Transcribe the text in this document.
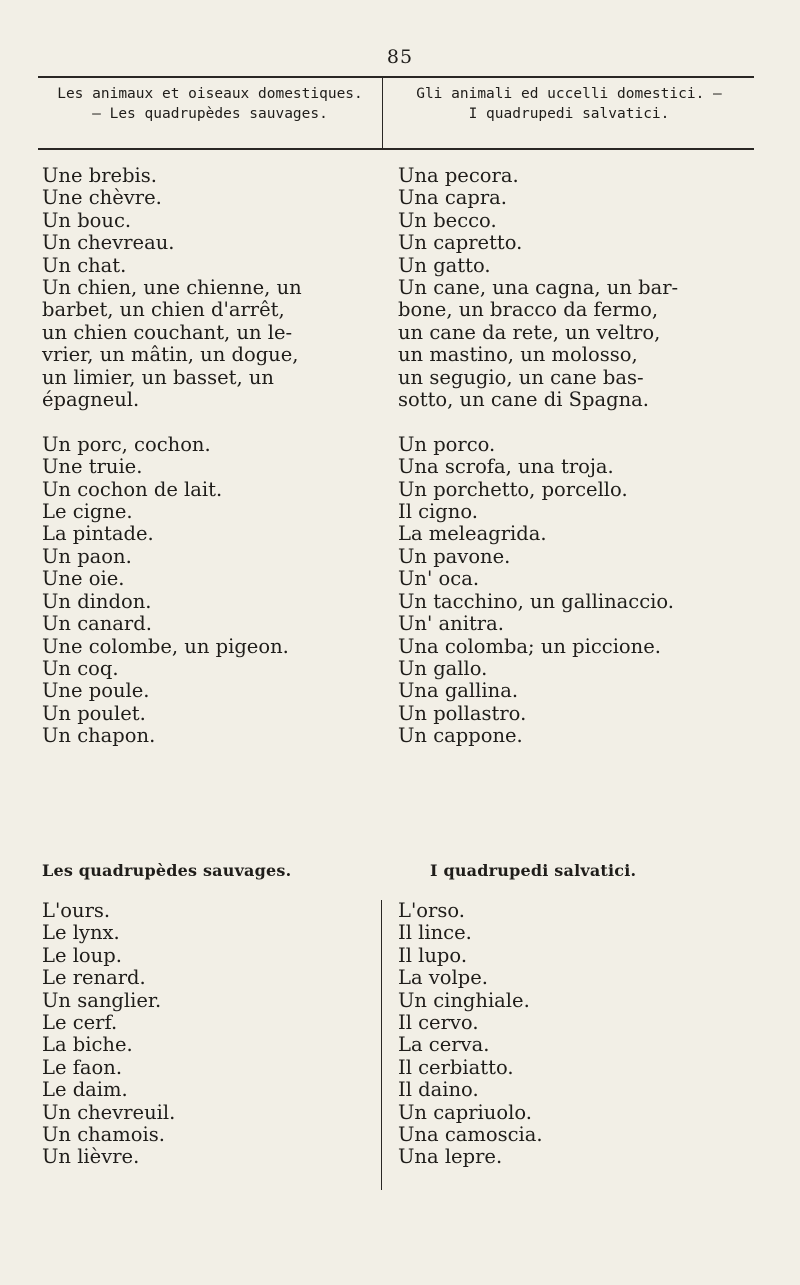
85
Les animaux et oiseaux domestiques.
— Les quadrupèdes sauvages.
Gli animali ed uccelli domestici. —
I quadrupedi salvatici.
Une brebis.
Une chèvre.
Un bouc.
Un chevreau.
Un chat.
Un chien, une chienne, un
barbet, un chien d'arrêt,
un chien couchant, un le-
vrier, un mâtin, un dogue,
un limier, un basset, un
épagneul.
Un porc, cochon.
Une truie.
Un cochon de lait.
Le cigne.
La pintade.
Un paon.
Une oie.
Un dindon.
Un canard.
Une colombe, un pigeon.
Un coq.
Une poule.
Un poulet.
Un chapon.
Una pecora.
Una capra.
Un becco.
Un capretto.
Un gatto.
Un cane, una cagna, un bar-
bone, un bracco da fermo,
un cane da rete, un veltro,
un mastino, un molosso,
un segugio, un cane bas-
sotto, un cane di Spagna.
Un porco.
Una scrofa, una troja.
Un porchetto, porcello.
Il cigno.
La meleagrida.
Un pavone.
Un' oca.
Un tacchino, un gallinaccio.
Un' anitra.
Una colomba; un piccione.
Un gallo.
Una gallina.
Un pollastro.
Un cappone.
Les quadrupèdes sauvages.	I quadrupedi salvatici.
L'ours.
Le lynx.
Le loup.
Le renard.
Un sanglier.
Le cerf.
La biche.
Le faon.
Le daim.
Un chevreuil.
Un chamois.
Un lièvre.
L'orso.
Il lince.
Il lupo.
La volpe.
Un cinghiale.
Il cervo.
La cerva.
Il cerbiatto.
Il daino.
Un capriuolo.
Una camoscia.
Una lepre.
